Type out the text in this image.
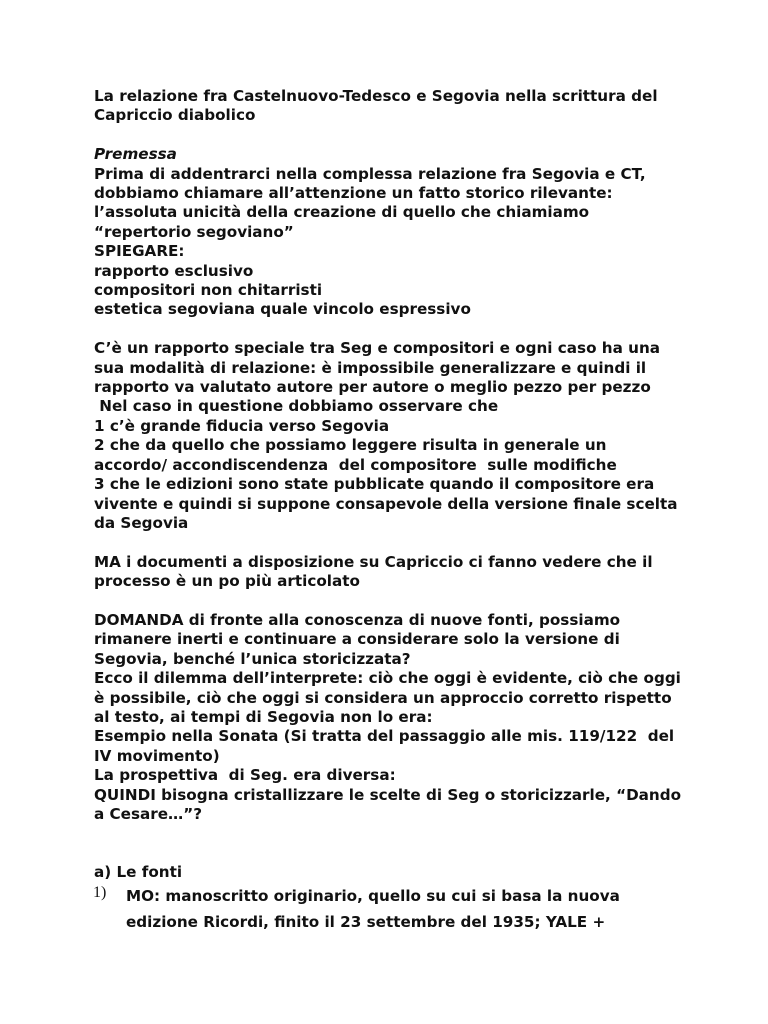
La relazione fra Castelnuovo-Tedesco e Segovia nella scrittura del
Capriccio diabolico
Premessa
Prima di addentrarci nella complessa relazione fra Segovia e CT,
dobbiamo chiamare all’attenzione un fatto storico rilevante:
l’assoluta unicità della creazione di quello che chiamiamo
“repertorio segoviano”
SPIEGARE:
rapporto esclusivo
compositori non chitarristi
estetica segoviana quale vincolo espressivo
C’è un rapporto speciale tra Seg e compositori e ogni caso ha una
sua modalità di relazione: è impossibile generalizzare e quindi il
rapporto va valutato autore per autore o meglio pezzo per pezzo
Nel caso in questione dobbiamo osservare che
1 c’è grande fiducia verso Segovia
2 che da quello che possiamo leggere risulta in generale un
accordo/ accondiscendenza  del compositore  sulle modifiche
3 che le edizioni sono state pubblicate quando il compositore era
vivente e quindi si suppone consapevole della versione finale scelta
da Segovia
MA i documenti a disposizione su Capriccio ci fanno vedere che il
processo è un po più articolato
DOMANDA di fronte alla conoscenza di nuove fonti, possiamo
rimanere inerti e continuare a considerare solo la versione di
Segovia, benché l’unica storicizzata?
Ecco il dilemma dell’interprete: ciò che oggi è evidente, ciò che oggi
è possibile, ciò che oggi si considera un approccio corretto rispetto
al testo, ai tempi di Segovia non lo era:
Esempio nella Sonata (Si tratta del passaggio alle mis. 119/122  del
IV movimento)
La prospettiva  di Seg. era diversa:
QUINDI bisogna cristallizzare le scelte di Seg o storicizzarle, “Dando
a Cesare…”?
a) Le fonti
1)	MO: manoscritto originario, quello su cui si basa la nuova
edizione Ricordi, finito il 23 settembre del 1935; YALE +
